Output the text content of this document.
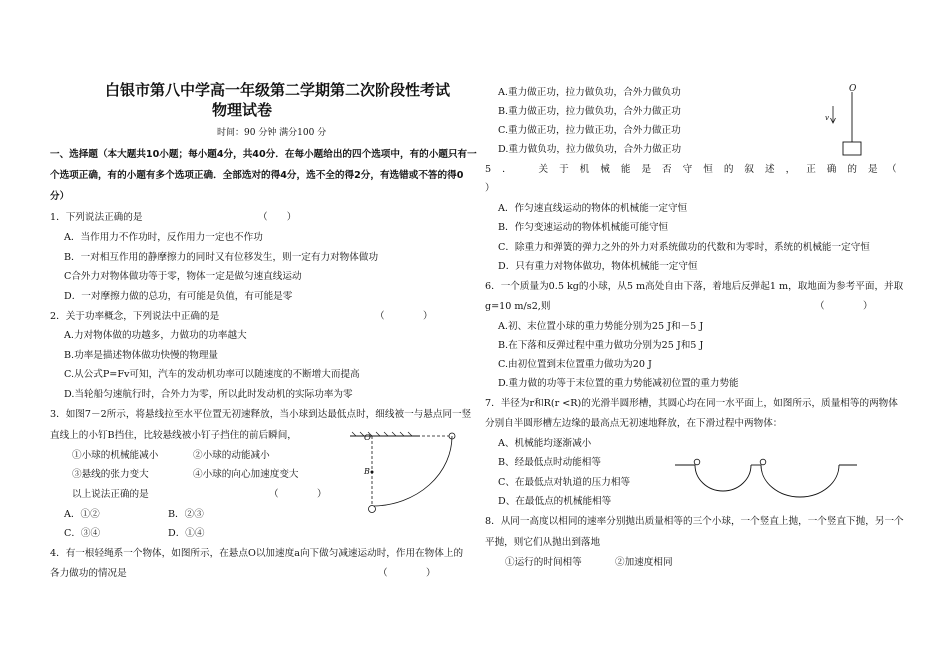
白银市第八中学高一年级第二学期第二次阶段性考试
物理试卷
时间：90 分钟 满分100 分
一、选择题（本大题共10小题；每小题4分，共40分．在每小题给出的四个选项中，有的小题只有一
个选项正确，有的小题有多个选项正确．全部选对的得4分，选不全的得2分，有选错或不答的得0
分）
1．下列说法正确的是	（　　）
A．当作用力不作功时，反作用力一定也不作功
B．一对相互作用的静摩擦力的同时又有位移发生，则一定有力对物体做功
C合外力对物体做功等于零，物体一定是做匀速直线运动
D．一对摩擦力做的总功，有可能是负值，有可能是零
2．关于功率概念，下列说法中正确的是	（　　　　）
A.力对物体做的功越多，力做功的功率越大
B.功率是描述物体做功快慢的物理量
C.从公式P=Fv可知，汽车的发动机功率可以随速度的不断增大而提高
D.当轮船匀速航行时，合外力为零，所以此时发动机的实际功率为零
3．如图7－2所示，将悬线拉至水平位置无初速释放，当小球到达最低点时，细线被一与悬点同一竖
直线上的小钉B挡住，比较悬线被小钉子挡住的前后瞬间，
①小球的机械能减小	②小球的动能减小
③悬线的张力变大	④小球的向心加速度变大
以上说法正确的是	（　　　　）
A．①②	B．②③
C．③④	D．①④
O
B
4．有一根轻绳系一个物体，如图所示，在悬点O以加速度a向下做匀减速运动时，作用在物体上的
各力做功的情况是	（　　　　）
A.重力做正功，拉力做负功，合外力做负功
B.重力做正功，拉力做负功，合外力做正功
C.重力做正功，拉力做正功，合外力做正功
D.重力做负功，拉力做负功，合外力做正功
O
v
5．　关于机械能是否守恒的叙述，正确的是
（
）
A．作匀速直线运动的物体的机械能一定守恒
B．作匀变速运动的物体机械能可能守恒
C．除重力和弹簧的弹力之外的外力对系统做功的代数和为零时，系统的机械能一定守恒
D．只有重力对物体做功，物体机械能一定守恒
6．一个质量为0.5 kg的小球，从5 m高处自由下落，着地后反弹起1 m，取地面为参考平面，并取
g=10 m/s2,则	（　　　　）
A.初、末位置小球的重力势能分别为25 J和－5 J
B.在下落和反弹过程中重力做功分别为25 J和5 J
C.由初位置到末位置重力做功为20 J
D.重力做的功等于末位置的重力势能减初位置的重力势能
7．半径为r和R(r <R)的光滑半圆形槽，其圆心均在同一水平面上，如图所示，质量相等的两物体
分别自半圆形槽左边缘的最高点无初速地释放，在下滑过程中两物体：
A、机械能均逐渐减小
B、经最低点时动能相等
C、在最低点对轨道的压力相等
D、在最低点的机械能相等
8．从同一高度以相同的速率分别抛出质量相等的三个小球，一个竖直上抛，一个竖直下抛，另一个
平抛，则它们从抛出到落地
①运行的时间相等	②加速度相同
